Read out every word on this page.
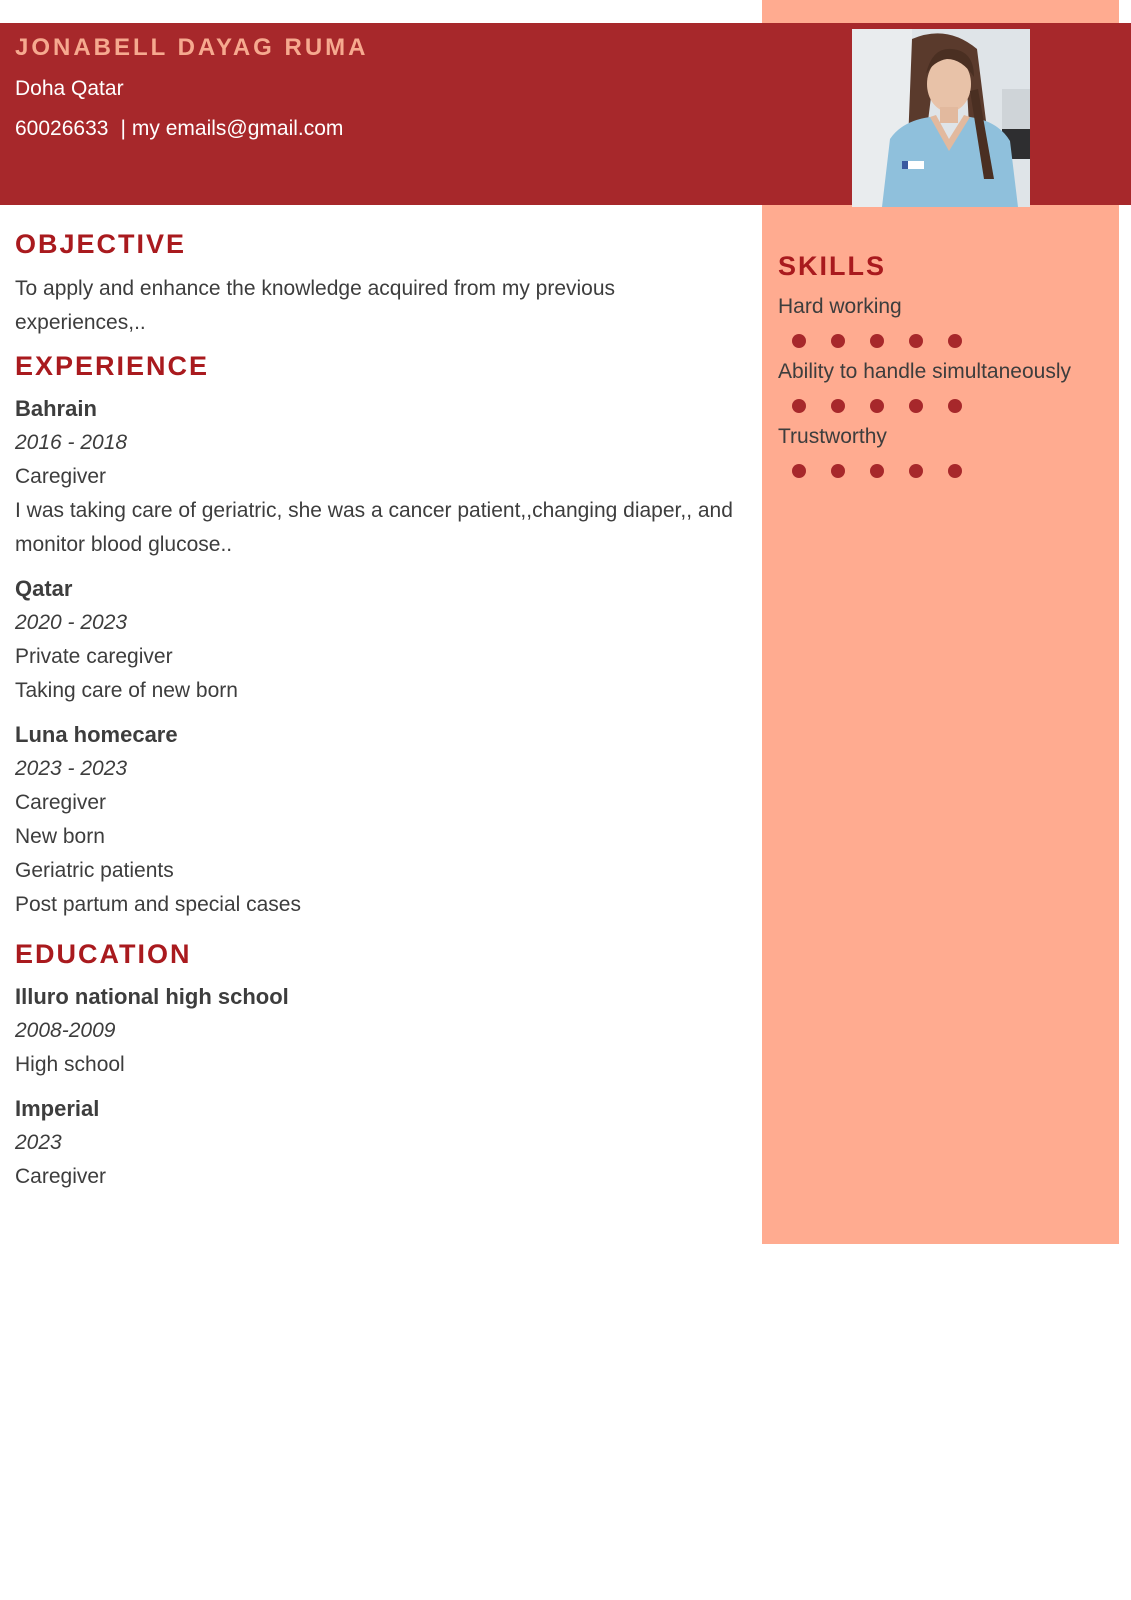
JONABELL DAYAG RUMA
Doha Qatar
60026633 | my emails@gmail.com
OBJECTIVE

To apply and enhance the knowledge acquired from my previous experiences,..

EXPERIENCE
Bahrain
2016 - 2018
Caregiver
I was taking care of geriatric, she was a cancer patient,,changing diaper,, and monitor blood glucose..
Qatar
2020 - 2023
Private caregiver
Taking care of new born
Luna homecare
2023 - 2023
Caregiver
New born
Geriatric patients
Post partum and special cases
EDUCATION
Illuro national high school
2008-2009
High school
Imperial
2023
Caregiver
SKILLS
Hard working
Ability to handle simultaneously
Trustworthy
